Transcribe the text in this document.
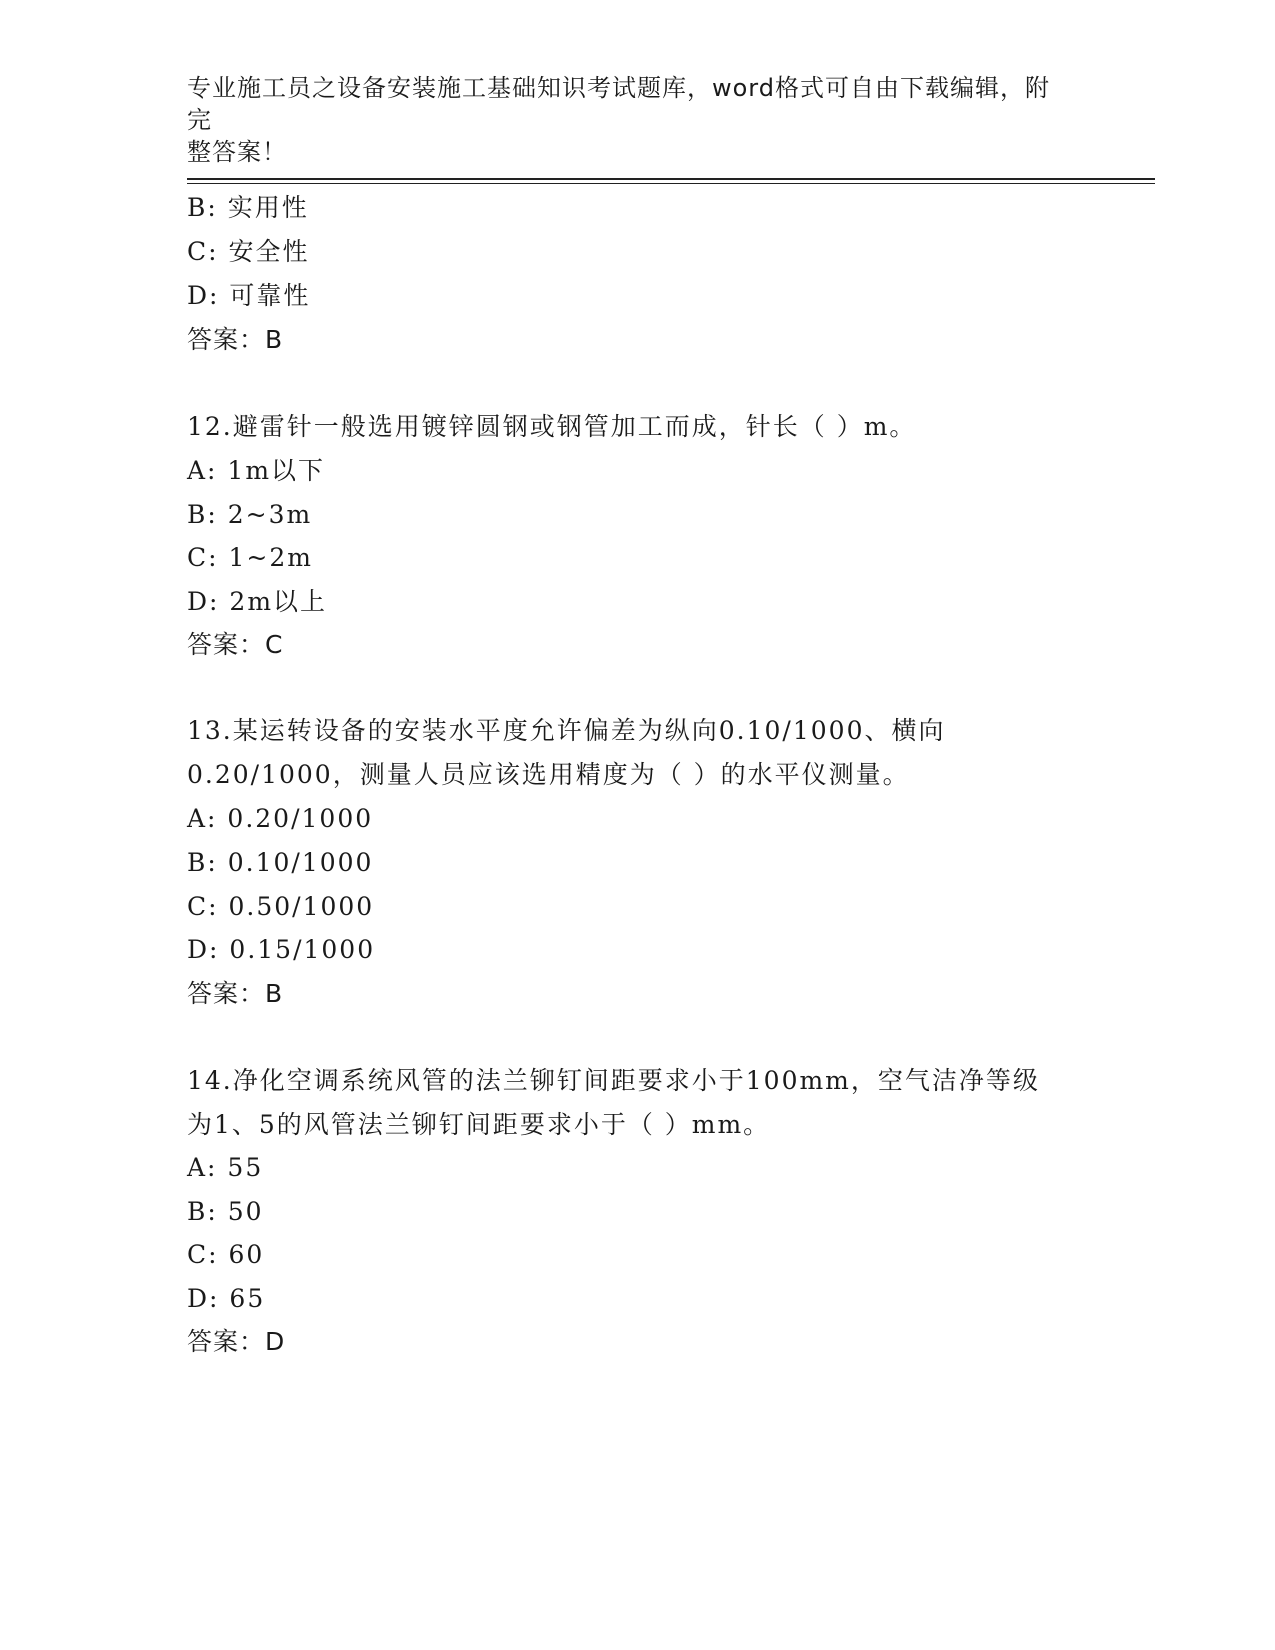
专业施工员之设备安装施工基础知识考试题库，word格式可自由下载编辑，附完
整答案！
B: 实用性
C: 安全性
D: 可靠性
答案：B
12.避雷针一般选用镀锌圆钢或钢管加工而成，针长（ ）m。
A: 1m以下
B: 2~3m
C: 1~2m
D: 2m以上
答案：C
13.某运转设备的安装水平度允许偏差为纵向0.10/1000、横向
0.20/1000，测量人员应该选用精度为（ ）的水平仪测量。
A: 0.20/1000
B: 0.10/1000
C: 0.50/1000
D: 0.15/1000
答案：B
14.净化空调系统风管的法兰铆钉间距要求小于100mm，空气洁净等级
为1、5的风管法兰铆钉间距要求小于（ ）mm。
A: 55
B: 50
C: 60
D: 65
答案：D
